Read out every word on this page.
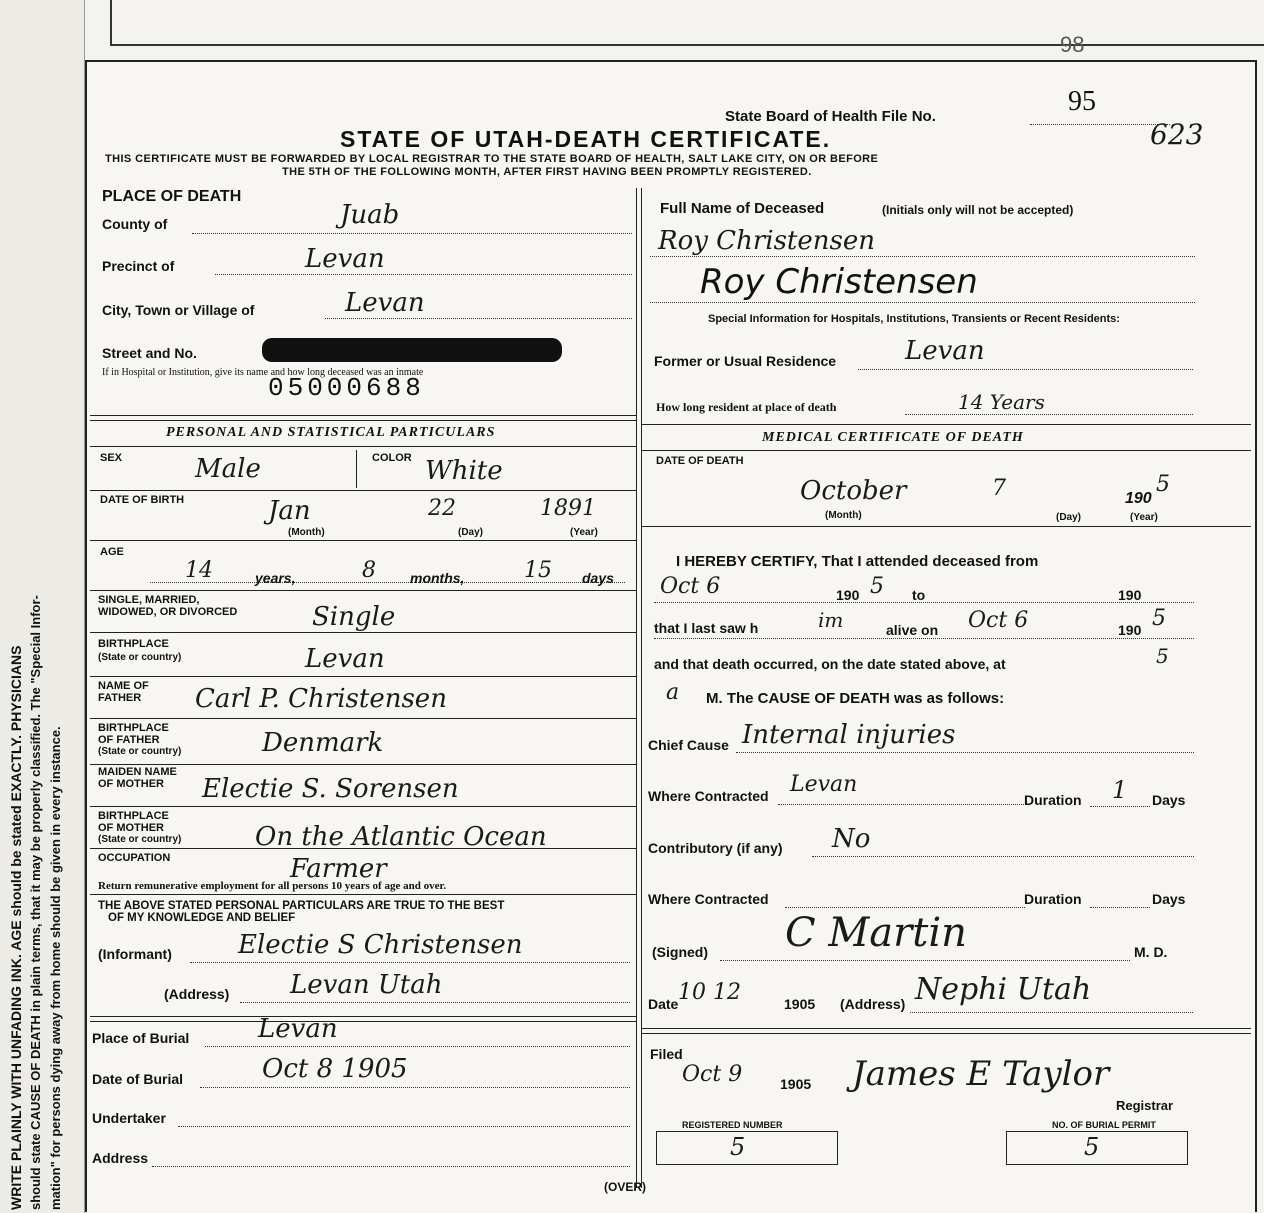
98
WRITE PLAINLY WITH UNFADING INK. AGE should be stated EXACTLY. PHYSICIANS should state CAUSE OF DEATH in plain terms, that it may be properly classified. The "Special Infor- mation" for persons dying away from home should be given in every instance.
State Board of Health File No.	95
623
STATE OF UTAH-DEATH CERTIFICATE.
THIS CERTIFICATE MUST BE FORWARDED BY LOCAL REGISTRAR TO THE STATE BOARD OF HEALTH, SALT LAKE CITY, ON OR BEFORE
THE 5TH OF THE FOLLOWING MONTH, AFTER FIRST HAVING BEEN PROMPTLY REGISTERED.
PLACE OF DEATH
County of	Juab
Precinct of	Levan
City, Town or Village of	Levan
Street and No.
If in Hospital or Institution, give its name and how long deceased was an inmate
05000688
PERSONAL AND STATISTICAL PARTICULARS
SEX	Male	COLOR White
DATE OF BIRTH	Jan	22	1891
(Month)	(Day)	(Year)
AGE
14	years,	8 months,	15 days
SINGLE, MARRIED,
WIDOWED, OR DIVORCED	Single
BIRTHPLACE
(State or country)	Levan
NAME OF
FATHER Carl P. Christensen
BIRTHPLACE
OF FATHER
(State or country)	Denmark
MAIDEN NAME
OF MOTHER Electie S. Sorensen
BIRTHPLACE
OF MOTHER
(State or country)	On the Atlantic Ocean
OCCUPATION	Farmer
Return remunerative employment for all persons 10 years of age and over.
THE ABOVE STATED PERSONAL PARTICULARS ARE TRUE TO THE BEST
OF MY KNOWLEDGE AND BELIEF
(Informant)	Electie S Christensen
(Address) Levan Utah
Place of Burial	Levan
Date of Burial	Oct 8 1905
Undertaker
Address
(OVER)
Full Name of Deceased	(Initials only will not be accepted)
Roy Christensen
Roy Christensen
Special Information for Hospitals, Institutions, Transients or Recent Residents:
Former or Usual Residence	Levan
How long resident at place of death	14 Years
MEDICAL CERTIFICATE OF DEATH
DATE OF DEATH
October	7	190
5
(Month)	(Day)	(Year)
I HEREBY CERTIFY, That I attended deceased from
Oct 6	190 5 to	190
that I last saw h	im	alive on Oct 6	190 5
and that death occurred, on the date stated above, at	5
a M. The CAUSE OF DEATH was as follows:
Chief Cause Internal injuries
Where Contracted Levan
Duration 1 Days
Contributory (if any) No
Where Contracted	Duration	Days
(Signed) C Martin	M. D.
Date 10 12	1905 (Address) Nephi Utah
Filed
Oct 9	1905 James E Taylor
Registrar
REGISTERED NUMBER
5
NO. OF BURIAL PERMIT
5
